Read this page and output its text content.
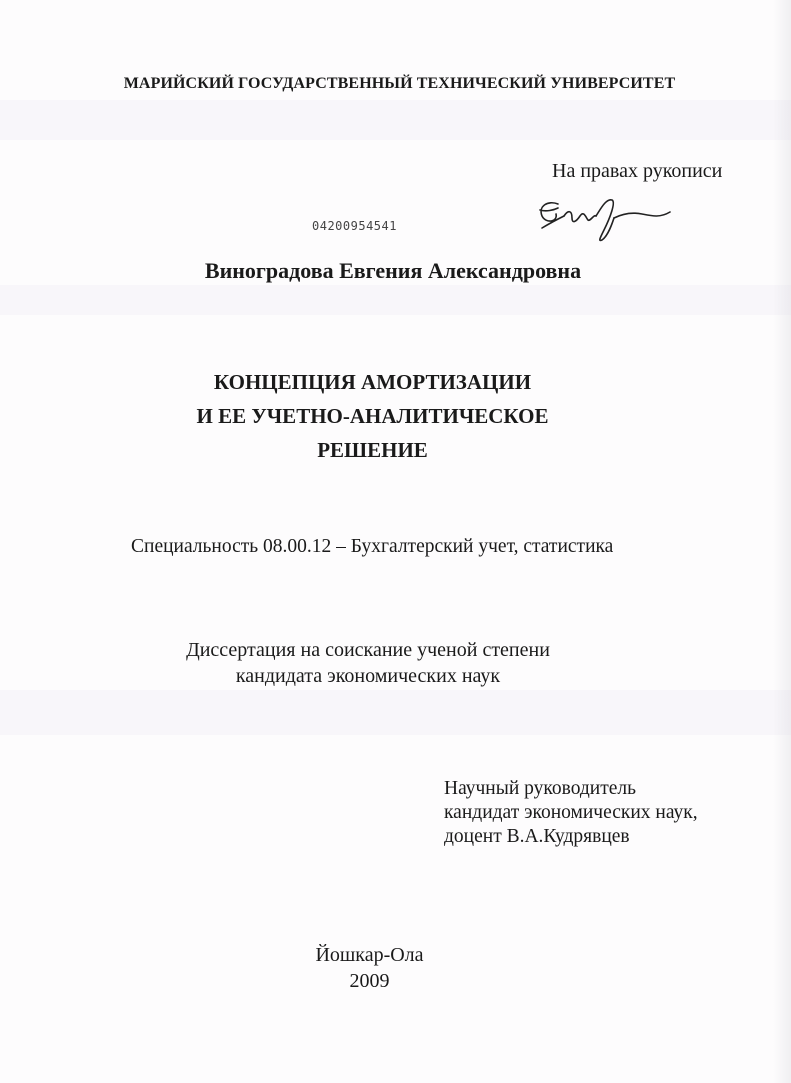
МАРИЙСКИЙ ГОСУДАРСТВЕННЫЙ ТЕХНИЧЕСКИЙ УНИВЕРСИТЕТ
На правах рукописи
04200954541
Виноградова Евгения Александровна
КОНЦЕПЦИЯ АМОРТИЗАЦИИ
И ЕЕ УЧЕТНО-АНАЛИТИЧЕСКОЕ
РЕШЕНИЕ
Специальность 08.00.12 – Бухгалтерский учет, статистика
Диссертация на соискание ученой степени
кандидата экономических наук
Научный руководитель
кандидат экономических наук,
доцент В.А.Кудрявцев
Йошкар-Ола
2009
